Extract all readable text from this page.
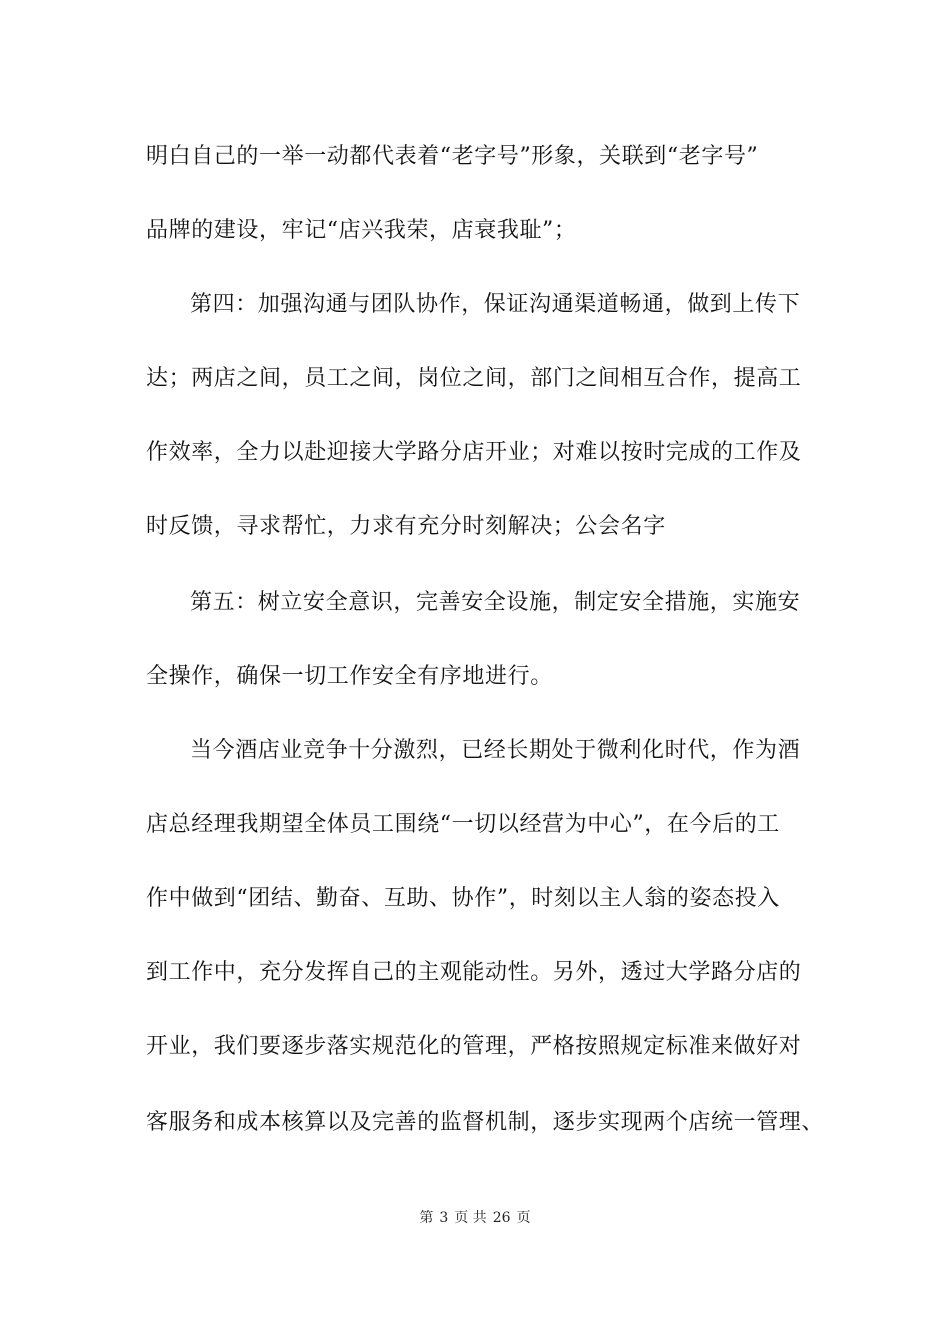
明白自己的一举一动都代表着“老字号”形象，关联到“老字号”
品牌的建设，牢记“店兴我荣，店衰我耻”；
第四：加强沟通与团队协作，保证沟通渠道畅通，做到上传下
达；两店之间，员工之间，岗位之间，部门之间相互合作，提高工
作效率，全力以赴迎接大学路分店开业；对难以按时完成的工作及
时反馈，寻求帮忙，力求有充分时刻解决；公会名字
第五：树立安全意识，完善安全设施，制定安全措施，实施安
全操作，确保一切工作安全有序地进行。
当今酒店业竞争十分激烈，已经长期处于微利化时代，作为酒
店总经理我期望全体员工围绕“一切以经营为中心”，在今后的工
作中做到“团结、勤奋、互助、协作”，时刻以主人翁的姿态投入
到工作中，充分发挥自己的主观能动性。另外，透过大学路分店的
开业，我们要逐步落实规范化的管理，严格按照规定标准来做好对
客服务和成本核算以及完善的监督机制，逐步实现两个店统一管理、
第 3 页 共 26 页
